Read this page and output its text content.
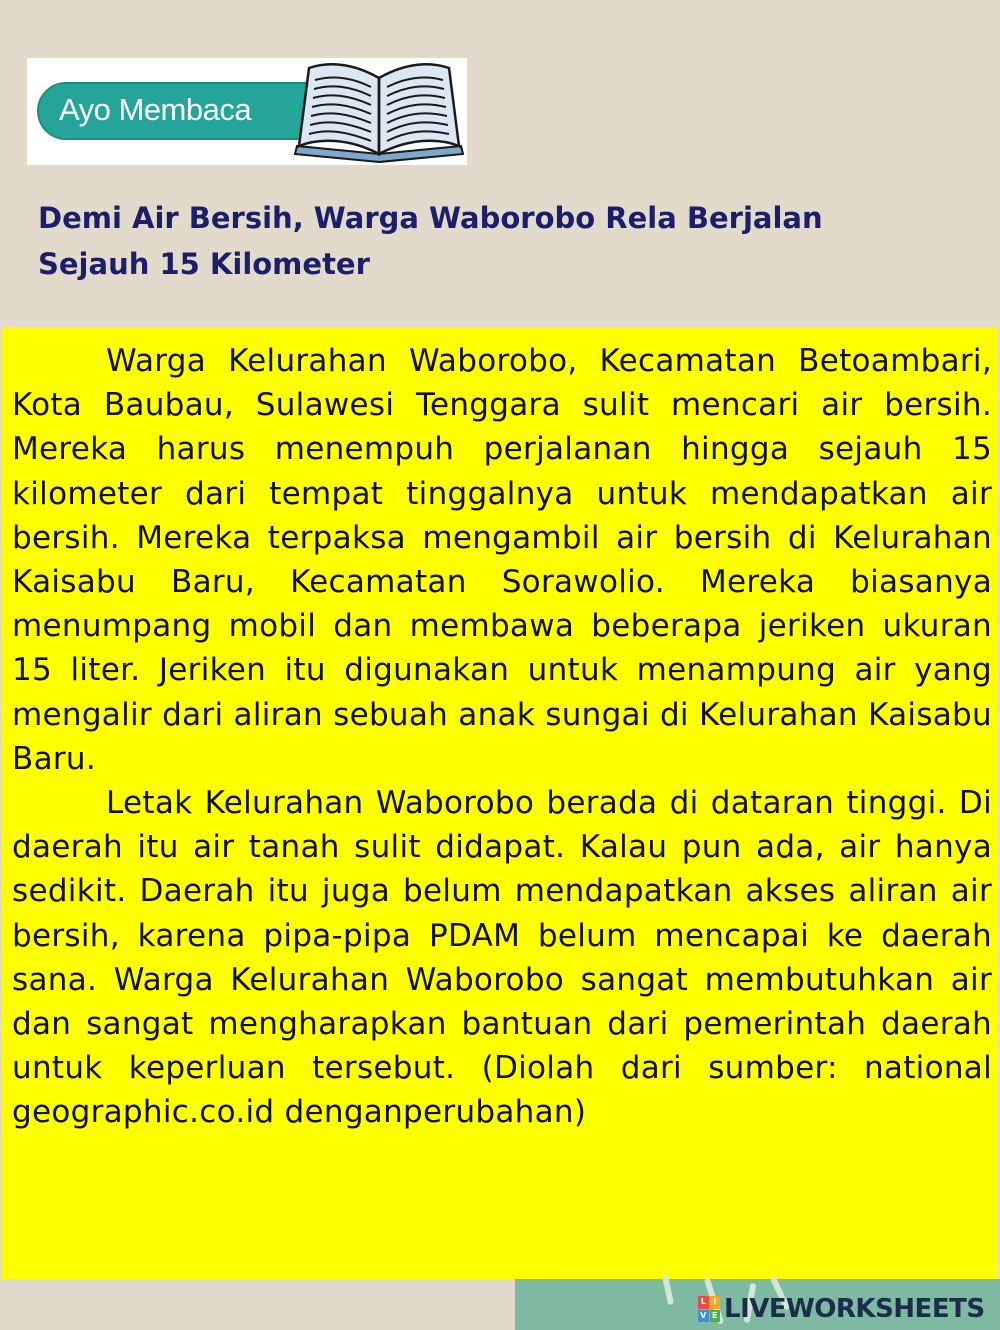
Ayo Membaca
Demi Air Bersih, Warga Waborobo Rela Berjalan
Sejauh 15 Kilometer

Warga Kelurahan Waborobo, Kecamatan Betoambari, Kota Baubau, Sulawesi Tenggara sulit mencari air bersih. Mereka harus menempuh perjalanan hingga sejauh 15 kilometer dari tempat tinggalnya untuk mendapatkan air bersih. Mereka terpaksa mengambil air bersih di Kelurahan Kaisabu Baru, Kecamatan Sorawolio. Mereka biasanya menumpang mobil dan membawa beberapa jeriken ukuran 15 liter. Jeriken itu digunakan untuk menampung air yang mengalir dari aliran sebuah anak sungai di Kelurahan Kaisabu Baru.

Letak Kelurahan Waborobo berada di dataran tinggi. Di daerah itu air tanah sulit didapat. Kalau pun ada, air hanya sedikit. Daerah itu juga belum mendapatkan akses aliran air bersih, karena pipa-pipa PDAM belum mencapai ke daerah sana. Warga Kelurahan Waborobo sangat membutuhkan air dan sangat mengharapkan bantuan dari pemerintah daerah untuk keperluan tersebut. (Diolah dari sumber: national geographic.co.id denganperubahan)

L I
V E LIVEWORKSHEETS
